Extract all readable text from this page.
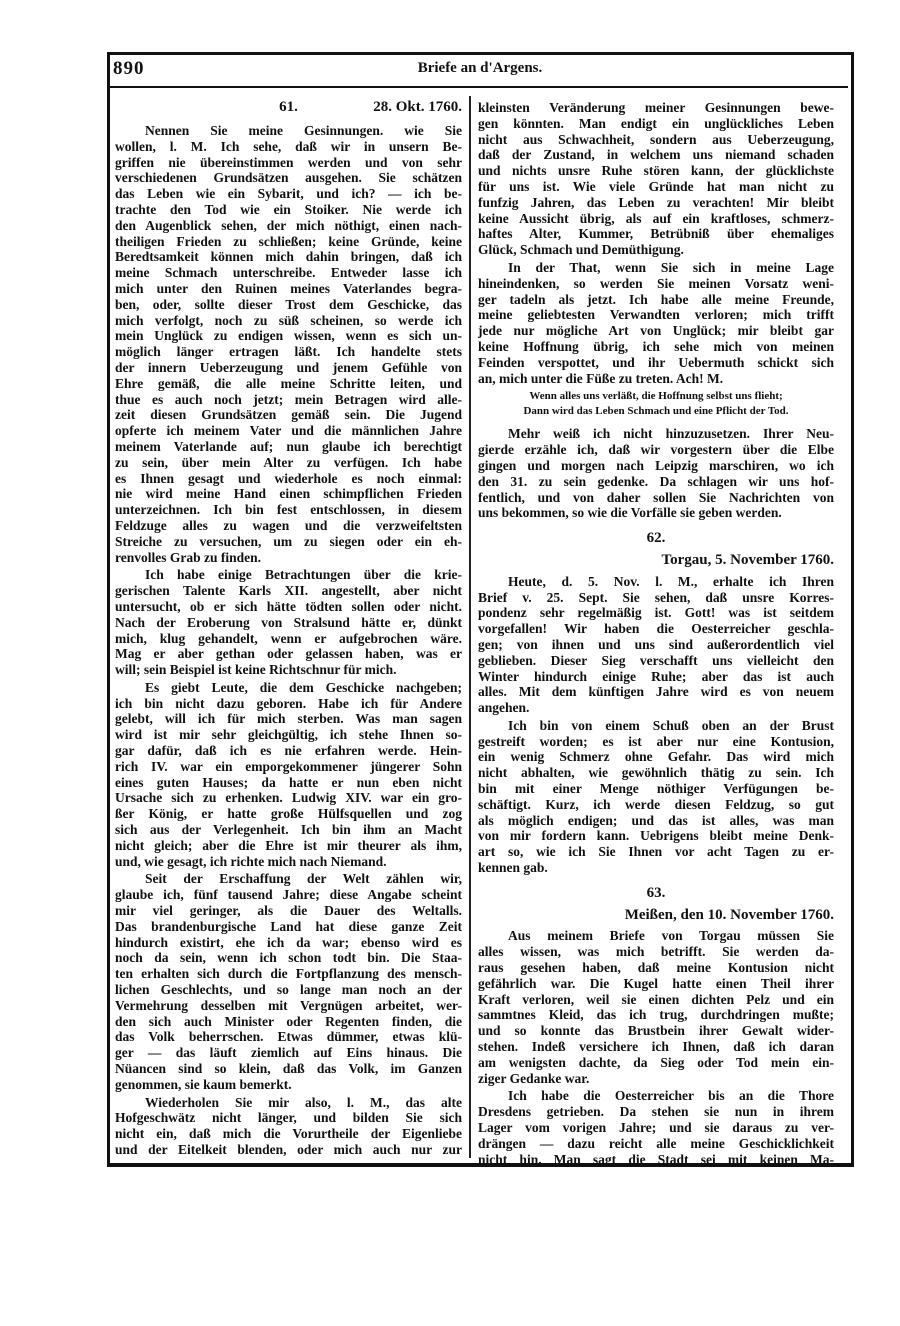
890	Briefe an d'Argens.
61.	28. Okt. 1760.
Nennen Sie meine Gesinnungen. wie Sie
wollen, l. M. Ich sehe, daß wir in unsern Be-
griffen nie übereinstimmen werden und von sehr
verschiedenen Grundsätzen ausgehen. Sie schätzen
das Leben wie ein Sybarit, und ich? — ich be-
trachte den Tod wie ein Stoiker. Nie werde ich
den Augenblick sehen, der mich nöthigt, einen nach-
theiligen Frieden zu schließen; keine Gründe, keine
Beredtsamkeit können mich dahin bringen, daß ich
meine Schmach unterschreibe. Entweder lasse ich
mich unter den Ruinen meines Vaterlandes begra-
ben, oder, sollte dieser Trost dem Geschicke, das
mich verfolgt, noch zu süß scheinen, so werde ich
mein Unglück zu endigen wissen, wenn es sich un-
möglich länger ertragen läßt. Ich handelte stets
der innern Ueberzeugung und jenem Gefühle von
Ehre gemäß, die alle meine Schritte leiten, und
thue es auch noch jetzt; mein Betragen wird alle-
zeit diesen Grundsätzen gemäß sein. Die Jugend
opferte ich meinem Vater und die männlichen Jahre
meinem Vaterlande auf; nun glaube ich berechtigt
zu sein, über mein Alter zu verfügen. Ich habe
es Ihnen gesagt und wiederhole es noch einmal:
nie wird meine Hand einen schimpflichen Frieden
unterzeichnen. Ich bin fest entschlossen, in diesem
Feldzuge alles zu wagen und die verzweifeltsten
Streiche zu versuchen, um zu siegen oder ein eh-
renvolles Grab zu finden.
Ich habe einige Betrachtungen über die krie-
gerischen Talente Karls XII. angestellt, aber nicht
untersucht, ob er sich hätte tödten sollen oder nicht.
Nach der Eroberung von Stralsund hätte er, dünkt
mich, klug gehandelt, wenn er aufgebrochen wäre.
Mag er aber gethan oder gelassen haben, was er
will; sein Beispiel ist keine Richtschnur für mich.
Es giebt Leute, die dem Geschicke nachgeben;
ich bin nicht dazu geboren. Habe ich für Andere
gelebt, will ich für mich sterben. Was man sagen
wird ist mir sehr gleichgültig, ich stehe Ihnen so-
gar dafür, daß ich es nie erfahren werde. Hein-
rich IV. war ein emporgekommener jüngerer Sohn
eines guten Hauses; da hatte er nun eben nicht
Ursache sich zu erhenken. Ludwig XIV. war ein gro-
ßer König, er hatte große Hülfsquellen und zog
sich aus der Verlegenheit. Ich bin ihm an Macht
nicht gleich; aber die Ehre ist mir theurer als ihm,
und, wie gesagt, ich richte mich nach Niemand.
Seit der Erschaffung der Welt zählen wir,
glaube ich, fünf tausend Jahre; diese Angabe scheint
mir viel geringer, als die Dauer des Weltalls.
Das brandenburgische Land hat diese ganze Zeit
hindurch existirt, ehe ich da war; ebenso wird es
noch da sein, wenn ich schon todt bin. Die Staa-
ten erhalten sich durch die Fortpflanzung des mensch-
lichen Geschlechts, und so lange man noch an der
Vermehrung desselben mit Vergnügen arbeitet, wer-
den sich auch Minister oder Regenten finden, die
das Volk beherrschen. Etwas dümmer, etwas klü-
ger — das läuft ziemlich auf Eins hinaus. Die
Nüancen sind so klein, daß das Volk, im Ganzen
genommen, sie kaum bemerkt.
Wiederholen Sie mir also, l. M., das alte
Hofgeschwätz nicht länger, und bilden Sie sich
nicht ein, daß mich die Vorurtheile der Eigenliebe
und der Eitelkeit blenden, oder mich auch nur zur
kleinsten Veränderung meiner Gesinnungen bewe-
gen könnten. Man endigt ein unglückliches Leben
nicht aus Schwachheit, sondern aus Ueberzeugung,
daß der Zustand, in welchem uns niemand schaden
und nichts unsre Ruhe stören kann, der glücklichste
für uns ist. Wie viele Gründe hat man nicht zu
funfzig Jahren, das Leben zu verachten! Mir bleibt
keine Aussicht übrig, als auf ein kraftloses, schmerz-
haftes Alter, Kummer, Betrübniß über ehemaliges
Glück, Schmach und Demüthigung.
In der That, wenn Sie sich in meine Lage
hineindenken, so werden Sie meinen Vorsatz weni-
ger tadeln als jetzt. Ich habe alle meine Freunde,
meine geliebtesten Verwandten verloren; mich trifft
jede nur mögliche Art von Unglück; mir bleibt gar
keine Hoffnung übrig, ich sehe mich von meinen
Feinden verspottet, und ihr Uebermuth schickt sich
an, mich unter die Füße zu treten. Ach! M.
Wenn alles uns verläßt, die Hoffnung selbst uns flieht;
Dann wird das Leben Schmach und eine Pflicht der Tod.
Mehr weiß ich nicht hinzuzusetzen. Ihrer Neu-
gierde erzähle ich, daß wir vorgestern über die Elbe
gingen und morgen nach Leipzig marschiren, wo ich
den 31. zu sein gedenke. Da schlagen wir uns hof-
fentlich, und von daher sollen Sie Nachrichten von
uns bekommen, so wie die Vorfälle sie geben werden.
62.
Torgau, 5. November 1760.
Heute, d. 5. Nov. l. M., erhalte ich Ihren
Brief v. 25. Sept. Sie sehen, daß unsre Korres-
pondenz sehr regelmäßig ist. Gott! was ist seitdem
vorgefallen! Wir haben die Oesterreicher geschla-
gen; von ihnen und uns sind außerordentlich viel
geblieben. Dieser Sieg verschafft uns vielleicht den
Winter hindurch einige Ruhe; aber das ist auch
alles. Mit dem künftigen Jahre wird es von neuem
angehen.
Ich bin von einem Schuß oben an der Brust
gestreift worden; es ist aber nur eine Kontusion,
ein wenig Schmerz ohne Gefahr. Das wird mich
nicht abhalten, wie gewöhnlich thätig zu sein. Ich
bin mit einer Menge nöthiger Verfügungen be-
schäftigt. Kurz, ich werde diesen Feldzug, so gut
als möglich endigen; und das ist alles, was man
von mir fordern kann. Uebrigens bleibt meine Denk-
art so, wie ich Sie Ihnen vor acht Tagen zu er-
kennen gab.
63.
Meißen, den 10. November 1760.
Aus meinem Briefe von Torgau müssen Sie
alles wissen, was mich betrifft. Sie werden da-
raus gesehen haben, daß meine Kontusion nicht
gefährlich war. Die Kugel hatte einen Theil ihrer
Kraft verloren, weil sie einen dichten Pelz und ein
sammtnes Kleid, das ich trug, durchdringen mußte;
und so konnte das Brustbein ihrer Gewalt wider-
stehen. Indeß versichere ich Ihnen, daß ich daran
am wenigsten dachte, da Sieg oder Tod mein ein-
ziger Gedanke war.
Ich habe die Oesterreicher bis an die Thore
Dresdens getrieben. Da stehen sie nun in ihrem
Lager vom vorigen Jahre; und sie daraus zu ver-
drängen — dazu reicht alle meine Geschicklichkeit
nicht hin. Man sagt die Stadt sei mit keinen Ma-
